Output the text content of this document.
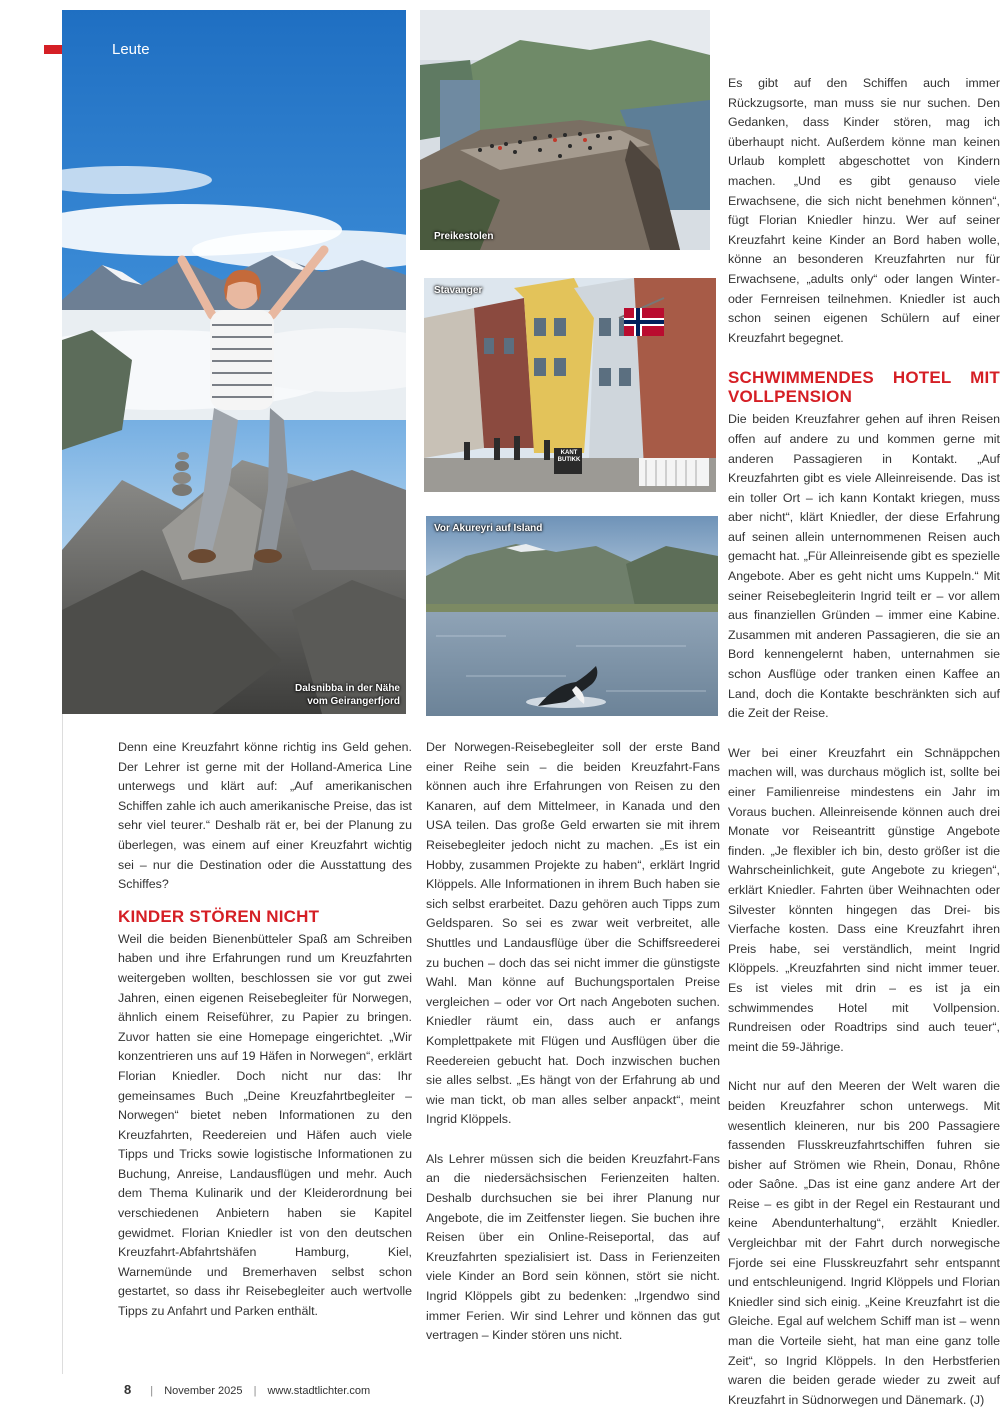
Dalsnibba in der Nähe
vom Geirangerfjord
Leute
Preikestolen
Stavanger
KANT
BUTIKK
Vor Akureyri auf Island

Denn eine Kreuzfahrt könne richtig ins Geld gehen. Der Lehrer ist gerne mit der Holland-America Line unterwegs und klärt auf: „Auf amerikanischen Schiffen zahle ich auch amerikanische Preise, das ist sehr viel teurer.“ Deshalb rät er, bei der Planung zu überlegen, was einem auf einer Kreuzfahrt wichtig sei – nur die Destination oder die Ausstattung des Schiffes?

KINDER STÖREN NICHT

Weil die beiden Bienenbütteler Spaß am Schreiben haben und ihre Erfahrungen rund um Kreuzfahrten weitergeben wollten, beschlossen sie vor gut zwei Jahren, einen eigenen Reisebegleiter für Norwegen, ähnlich einem Reiseführer, zu Papier zu bringen. Zuvor hatten sie eine Homepage eingerichtet. „Wir konzentrieren uns auf 19 Häfen in Norwegen“, erklärt Florian Kniedler. Doch nicht nur das: Ihr gemeinsames Buch „Deine Kreuzfahrtbegleiter – Norwegen“ bietet neben Informationen zu den Kreuzfahrten, Reedereien und Häfen auch viele Tipps und Tricks sowie logistische Informationen zu Buchung, Anreise, Landausflügen und mehr. Auch dem Thema Kulinarik und der Kleiderordnung bei verschiedenen Anbietern haben sie Kapitel gewidmet. Florian Kniedler ist von den deutschen Kreuzfahrt-Abfahrtshäfen Hamburg, Kiel, Warnemünde und Bremerhaven selbst schon gestartet, so dass ihr Reisebegleiter auch wertvolle Tipps zu Anfahrt und Parken enthält.

Der Norwegen-Reisebegleiter soll der erste Band einer Reihe sein – die beiden Kreuzfahrt-Fans können auch ihre Erfahrungen von Reisen zu den Kanaren, auf dem Mittelmeer, in Kanada und den USA teilen. Das große Geld erwarten sie mit ihrem Reisebegleiter jedoch nicht zu machen. „Es ist ein Hobby, zusammen Projekte zu haben“, erklärt Ingrid Klöppels. Alle Informationen in ihrem Buch haben sie sich selbst erarbeitet. Dazu gehören auch Tipps zum Geldsparen. So sei es zwar weit verbreitet, alle Shuttles und Landausflüge über die Schiffsreederei zu buchen – doch das sei nicht immer die günstigste Wahl. Man könne auf Buchungsportalen Preise vergleichen – oder vor Ort nach Angeboten suchen. Kniedler räumt ein, dass auch er anfangs Komplettpakete mit Flügen und Ausflügen über die Reedereien gebucht hat. Doch inzwischen buchen sie alles selbst. „Es hängt von der Erfahrung ab und wie man tickt, ob man alles selber anpackt“, meint Ingrid Klöppels.

Als Lehrer müssen sich die beiden Kreuzfahrt-Fans an die niedersächsischen Ferienzeiten halten. Deshalb durchsuchen sie bei ihrer Planung nur Angebote, die im Zeitfenster liegen. Sie buchen ihre Reisen über ein Online-Reiseportal, das auf Kreuzfahrten spezialisiert ist. Dass in Ferienzeiten viele Kinder an Bord sein können, stört sie nicht. Ingrid Klöppels gibt zu bedenken: „Irgendwo sind immer Ferien. Wir sind Lehrer und können das gut vertragen – Kinder stören uns nicht.

Es gibt auf den Schiffen auch immer Rückzugsorte, man muss sie nur suchen. Den Gedanken, dass Kinder stören, mag ich überhaupt nicht. Außerdem könne man keinen Urlaub komplett abgeschottet von Kindern machen. „Und es gibt genauso viele Erwachsene, die sich nicht benehmen können“, fügt Florian Kniedler hinzu. Wer auf seiner Kreuzfahrt keine Kinder an Bord haben wolle, könne an besonderen Kreuzfahrten nur für Erwachsene, „adults only“ oder langen Winter- oder Fernreisen teilnehmen. Kniedler ist auch schon seinen eigenen Schülern auf einer Kreuzfahrt begegnet.

SCHWIMMENDES HOTEL MIT VOLLPENSION

Die beiden Kreuzfahrer gehen auf ihren Reisen offen auf andere zu und kommen gerne mit anderen Passagieren in Kontakt. „Auf Kreuzfahrten gibt es viele Alleinreisende. Das ist ein toller Ort – ich kann Kontakt kriegen, muss aber nicht“, klärt Kniedler, der diese Erfahrung auf seinen allein unternommenen Reisen auch gemacht hat. „Für Alleinreisende gibt es spezielle Angebote. Aber es geht nicht ums Kuppeln.“ Mit seiner Reisebegleiterin Ingrid teilt er – vor allem aus finanziellen Gründen – immer eine Kabine. Zusammen mit anderen Passagieren, die sie an Bord kennengelernt haben, unternahmen sie schon Ausflüge oder tranken einen Kaffee an Land, doch die Kontakte beschränkten sich auf die Zeit der Reise.

Wer bei einer Kreuzfahrt ein Schnäppchen machen will, was durchaus möglich ist, sollte bei einer Familienreise mindestens ein Jahr im Voraus buchen. Alleinreisende können auch drei Monate vor Reiseantritt günstige Angebote finden. „Je flexibler ich bin, desto größer ist die Wahrscheinlichkeit, gute Angebote zu kriegen“, erklärt Kniedler. Fahrten über Weihnachten oder Silvester könnten hingegen das Drei- bis Vierfache kosten. Dass eine Kreuzfahrt ihren Preis habe, sei verständlich, meint Ingrid Klöppels. „Kreuzfahrten sind nicht immer teuer. Es ist vieles mit drin – es ist ja ein schwimmendes Hotel mit Vollpension. Rundreisen oder Roadtrips sind auch teuer“, meint die 59-Jährige.

Nicht nur auf den Meeren der Welt waren die beiden Kreuzfahrer schon unterwegs. Mit wesentlich kleineren, nur bis 200 Passagiere fassenden Flusskreuzfahrtschiffen fuhren sie bisher auf Strömen wie Rhein, Donau, Rhône oder Saône. „Das ist eine ganz andere Art der Reise – es gibt in der Regel ein Restaurant und keine Abendunterhaltung“, erzählt Kniedler. Vergleichbar mit der Fahrt durch norwegische Fjorde sei eine Flusskreuzfahrt sehr entspannt und entschleunigend. Ingrid Klöppels und Florian Kniedler sind sich einig. „Keine Kreuzfahrt ist die Gleiche. Egal auf welchem Schiff man ist – wenn man die Vorteile sieht, hat man eine ganz tolle Zeit“, so Ingrid Klöppels. In den Herbstferien waren die beiden gerade wieder zu zweit auf Kreuzfahrt in Südnorwegen und Dänemark. (J)

8 | November 2025 | www.stadtlichter.com
